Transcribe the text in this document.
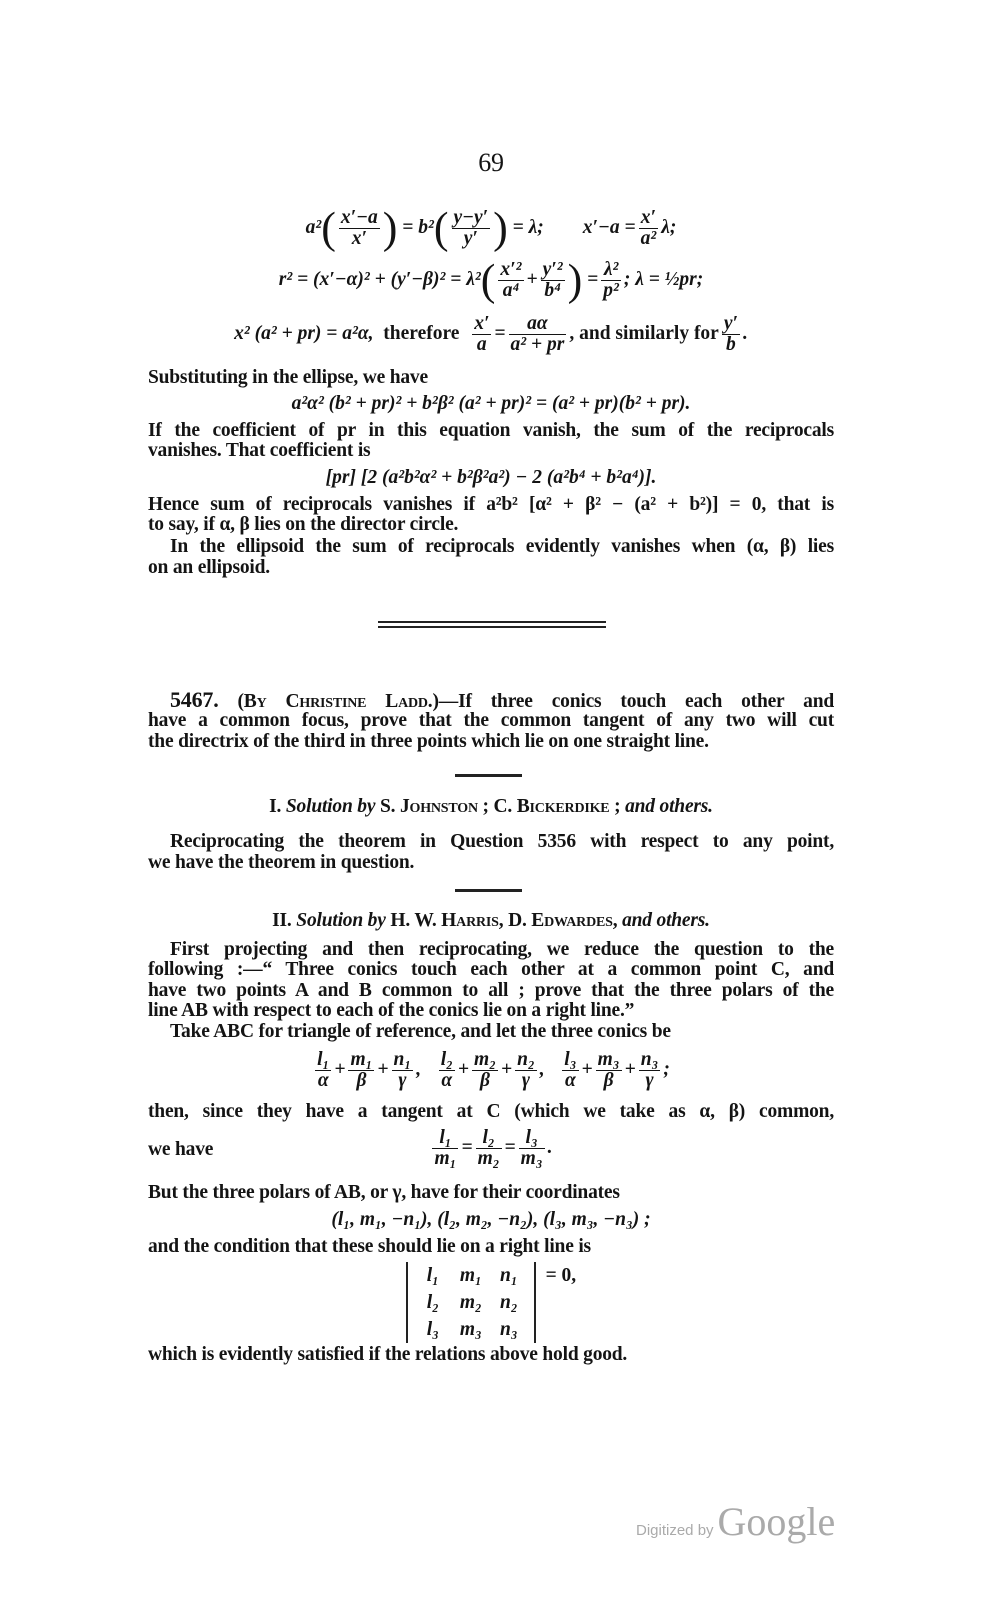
69
$a^2( \frac{x'-a}{x'}$ ) = $b^2( \frac{y-y'}{y'}$ ) = λ;   $x'-a = \frac{x'}{\text{a²}} \lambda$;
$r^2 = (x'-\alpha)^2 + (y'-\beta)^2 = \lambda^2( \frac{\text{x′²}}{\text{a⁴}} + \frac{\text{y′²}}{\text{b⁴}}$ ) = $\frac{\text{λ²}}{\text{p²}}$ ; λ = ½pr;
x² (a² + pr) = a²α,  therefore  $\frac{x'}{a} = \frac{a\alpha}{\text{a² + pr}}$ , and similarly for $\frac{y'}{b}$ .
Substituting in the ellipse, we have
a²α² (b² + pr)² + b²β² (a² + pr)² = (a² + pr)(b² + pr).
If the coefficient of pr in this equation vanish, the sum of the reciprocals
vanishes. That coefficient is
[pr] [2 (a²b²α² + b²β²a²) − 2 (a²b⁴ + b²a⁴)].
Hence sum of reciprocals vanishes if a²b² [α² + β² − (a² + b²)] = 0, that is
to say, if α, β lies on the director circle.
In the ellipsoid the sum of reciprocals evidently vanishes when (α, β) lies
on an ellipsoid.
5467. (By Christine Ladd.)—If three conics touch each other and
have a common focus, prove that the common tangent of any two will cut
the directrix of the third in three points which lie on one straight line.
I. Solution by S. Johnston ; C. Bickerdike ; and others.
Reciprocating the theorem in Question 5356 with respect to any point,
we have the theorem in question.
II. Solution by H. W. Harris, D. Edwardes, and others.
First projecting and then reciprocating, we reduce the question to the
following :—“ Three conics touch each other at a common point C, and
have two points A and B common to all ; prove that the three polars of the
line AB with respect to each of the conics lie on a right line.”
Take ABC for triangle of reference, and let the three conics be
$\frac{\text{l₁}}{\alpha} + \frac{\text{m₁}}{\beta} + \frac{\text{n₁}}{\gamma}$ ,  $\frac{\text{l₂}}{\alpha} + \frac{\text{m₂}}{\beta} + \frac{\text{n₂}}{\gamma}$ ,  $\frac{\text{l₃}}{\alpha} + \frac{\text{m₃}}{\beta} + \frac{\text{n₃}}{\gamma}$ ;
then, since they have a tangent at C (which we take as α, β) common,
we have	$\frac{\text{l₁}}{\text{m₁}} = \frac{\text{l₂}}{\text{m₂}} = \frac{\text{l₃}}{\text{m₃}}$ .
But the three polars of AB, or γ, have for their coordinates
(l₁, m₁, −n₁), (l₂, m₂, −n₂), (l₃, m₃, −n₃) ;
and the condition that these should lie on a right line is
l₁	m₁ n₁
l₂	m₂ n₂
l₃	m₃ n₃
 = 0,
which is evidently satisfied if the relations above hold good.
Digitized by Google
